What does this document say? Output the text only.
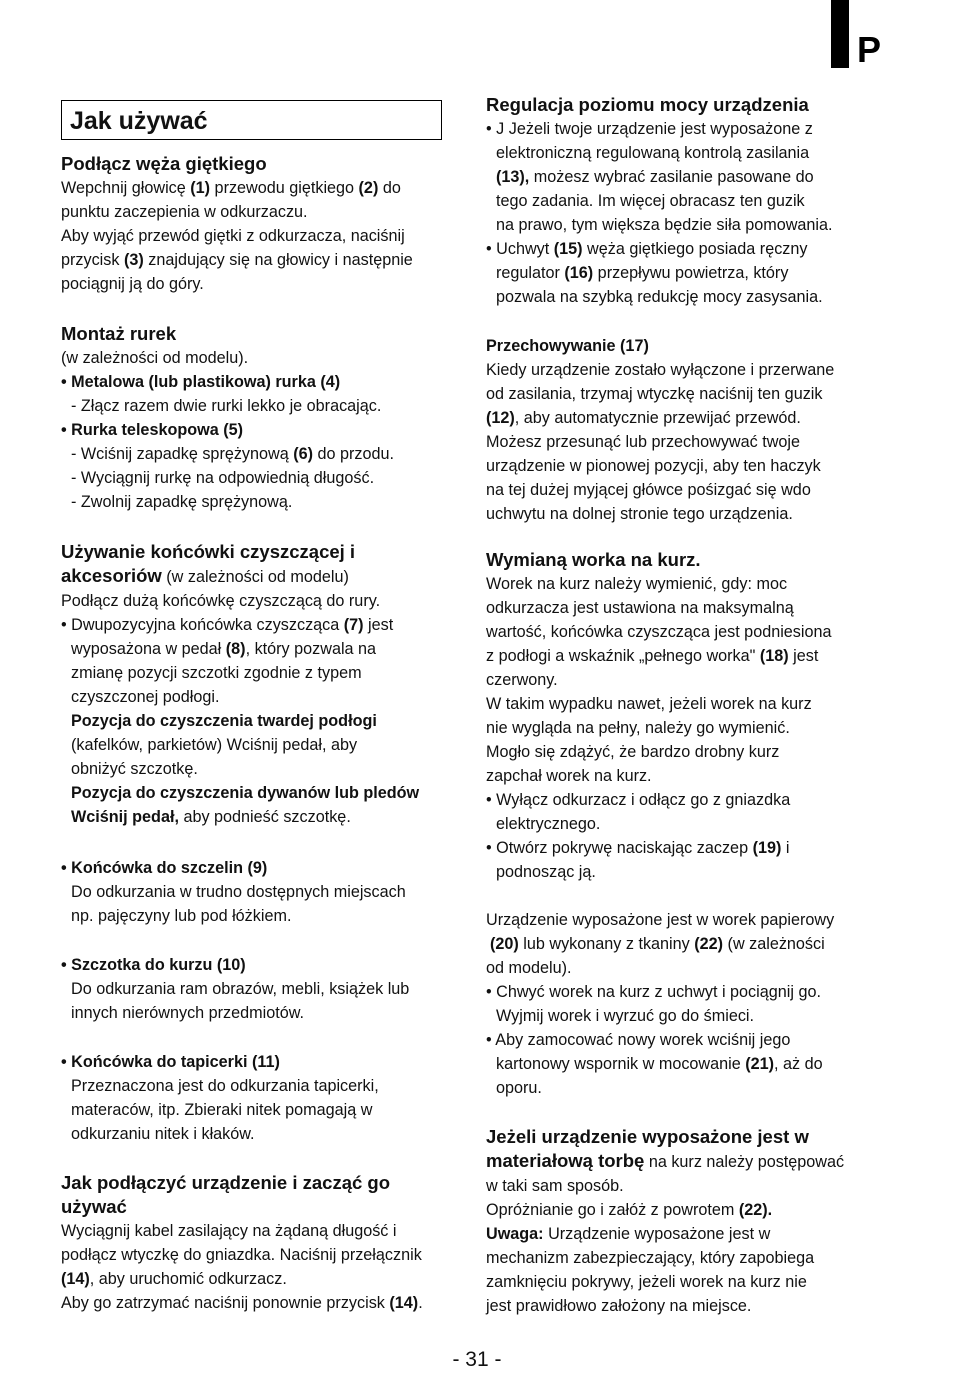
P
Jak używać
Podłącz węża giętkiego
Wepchnij głowicę (1) przewodu giętkiego (2) do
punktu zaczepienia w odkurzaczu.
Aby wyjąć przewód giętki z odkurzacza, naciśnij
przycisk (3) znajdujący się na głowicy i następnie
pociągnij ją do góry.
Montaż rurek
(w zależności od modelu).
• Metalowa (lub plastikowa) rurka (4)
- Złącz razem dwie rurki lekko je obracając.
• Rurka teleskopowa (5)
- Wciśnij zapadkę sprężynową (6) do przodu.
- Wyciągnij rurkę na odpowiednią długość.
- Zwolnij zapadkę sprężynową.
Używanie końcówki czyszczącej i
akcesoriów (w zależności od modelu)
Podłącz dużą końcówkę czyszczącą do rury.
• Dwupozycyjna końcówka czyszcząca (7) jest
wyposażona w pedał (8), który pozwala na
zmianę pozycji szczotki zgodnie z typem
czyszczonej podłogi.
Pozycja do czyszczenia twardej podłogi
(kafelków, parkietów) Wciśnij pedał, aby
obniżyć szczotkę.
Pozycja do czyszczenia dywanów lub pledów
Wciśnij pedał, aby podnieść szczotkę.
• Końcówka do szczelin (9)
Do odkurzania w trudno dostępnych miejscach
np. pajęczyny lub pod łóżkiem.
• Szczotka do kurzu (10)
Do odkurzania ram obrazów, mebli, książek lub
innych nierównych przedmiotów.
• Końcówka do tapicerki (11)
Przeznaczona jest do odkurzania tapicerki,
materaców, itp. Zbieraki nitek pomagają w
odkurzaniu nitek i kłaków.
Jak podłączyć urządzenie i zacząć go
używać
Wyciągnij kabel zasilający na żądaną długość i
podłącz wtyczkę do gniazdka. Naciśnij przełącznik
(14), aby uruchomić odkurzacz.
Aby go zatrzymać naciśnij ponownie przycisk (14).
Regulacja poziomu mocy urządzenia
• J Jeżeli twoje urządzenie jest wyposażone z
elektroniczną regulowaną kontrolą zasilania
(13), możesz wybrać zasilanie pasowane do
tego zadania. Im więcej obracasz ten guzik
na prawo, tym większa będzie siła pomowania.
• Uchwyt (15) węża giętkiego posiada ręczny
regulator (16) przepływu powietrza, który
pozwala na szybką redukcję mocy zasysania.
Przechowywanie (17)
Kiedy urządzenie zostało wyłączone i przerwane
od zasilania, trzymaj wtyczkę naciśnij ten guzik
(12), aby automatycznie przewijać przewód.
Możesz przesunąć lub przechowywać twoje
urządzenie w pionowej pozycji, aby ten haczyk
na tej dużej myjącej główce pośizgać się wdo
uchwytu na dolnej stronie tego urządzenia.
Wymianą worka na kurz.
Worek na kurz należy wymienić, gdy: moc
odkurzacza jest ustawiona na maksymalną
wartość, końcówka czyszcząca jest podniesiona
z podłogi a wskaźnik „pełnego worka" (18) jest
czerwony.
W takim wypadku nawet, jeżeli worek na kurz
nie wygląda na pełny, należy go wymienić.
Mogło się zdążyć, że bardzo drobny kurz
zapchał worek na kurz.
• Wyłącz odkurzacz i odłącz go z gniazdka
elektrycznego.
• Otwórz pokrywę naciskając zaczep (19) i
podnosząc ją.
Urządzenie wyposażone jest w worek papierowy
(20) lub wykonany z tkaniny (22) (w zależności
od modelu).
• Chwyć worek na kurz z uchwyt i pociągnij go.
Wyjmij worek i wyrzuć go do śmieci.
• Aby zamocować nowy worek wciśnij jego
kartonowy wspornik w mocowanie (21), aż do
oporu.
Jeżeli urządzenie wyposażone jest w
materiałową torbę na kurz należy postępować
w taki sam sposób.
Opróżnianie go i załóż z powrotem (22).
Uwaga: Urządzenie wyposażone jest w
mechanizm zabezpieczający, który zapobiega
zamknięciu pokrywy, jeżeli worek na kurz nie
jest prawidłowo założony na miejsce.
- 31 -
